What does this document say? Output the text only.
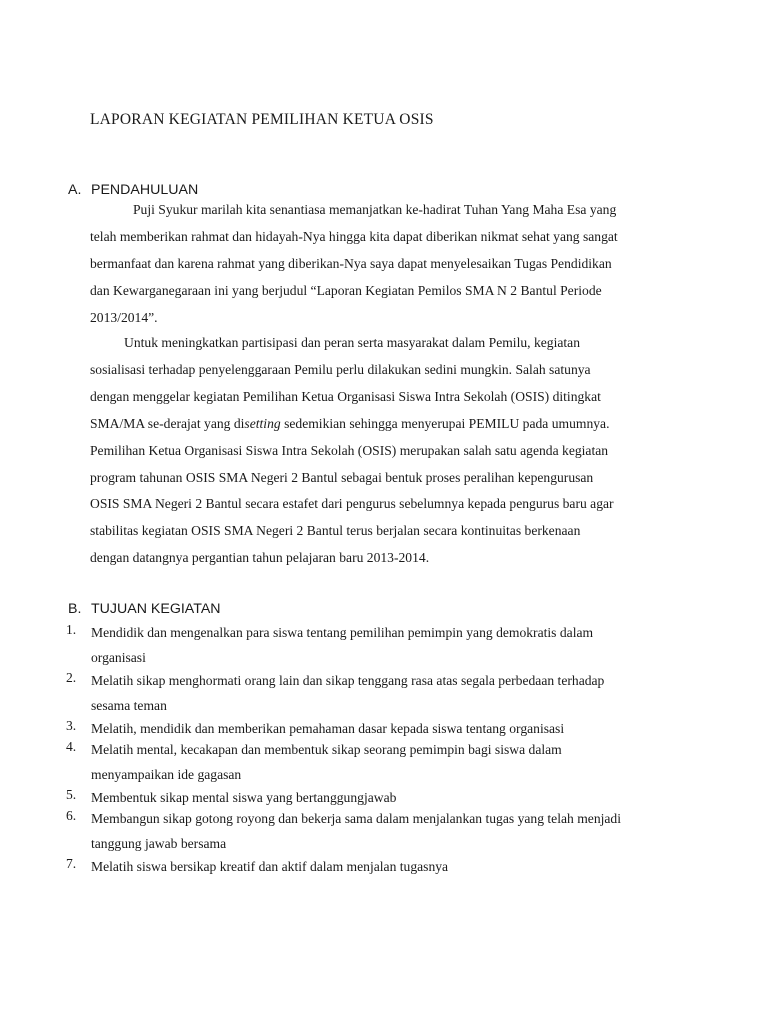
LAPORAN KEGIATAN PEMILIHAN KETUA OSIS
A. PENDAHULUAN
Puji Syukur marilah kita senantiasa memanjatkan ke-hadirat Tuhan Yang Maha Esa yang
telah memberikan rahmat dan hidayah-Nya hingga kita dapat diberikan nikmat sehat yang sangat
bermanfaat dan karena rahmat yang diberikan-Nya saya dapat menyelesaikan Tugas Pendidikan
dan Kewarganegaraan ini yang berjudul “Laporan Kegiatan Pemilos SMA N 2 Bantul Periode
2013/2014”.
Untuk meningkatkan partisipasi dan peran serta masyarakat dalam Pemilu, kegiatan
sosialisasi terhadap penyelenggaraan Pemilu perlu dilakukan sedini mungkin. Salah satunya
dengan menggelar kegiatan Pemilihan Ketua Organisasi Siswa Intra Sekolah (OSIS) ditingkat
SMA/MA se-derajat yang disetting sedemikian sehingga menyerupai PEMILU pada umumnya.
Pemilihan Ketua Organisasi Siswa Intra Sekolah (OSIS) merupakan salah satu agenda kegiatan
program tahunan OSIS SMA Negeri 2 Bantul sebagai bentuk proses peralihan kepengurusan
OSIS SMA Negeri 2 Bantul secara estafet dari pengurus sebelumnya kepada pengurus baru agar
stabilitas kegiatan OSIS SMA Negeri 2 Bantul terus berjalan secara kontinuitas berkenaan
dengan datangnya pergantian tahun pelajaran baru 2013-2014.
B. TUJUAN KEGIATAN
1. Mendidik dan mengenalkan para siswa tentang pemilihan pemimpin yang demokratis dalam
organisasi
2. Melatih sikap menghormati orang lain dan sikap tenggang rasa atas segala perbedaan terhadap
sesama teman
3. Melatih, mendidik dan memberikan pemahaman dasar kepada siswa tentang organisasi
4. Melatih mental, kecakapan dan membentuk sikap seorang pemimpin bagi siswa dalam
menyampaikan ide gagasan
5. Membentuk sikap mental siswa yang bertanggungjawab
6. Membangun sikap gotong royong dan bekerja sama dalam menjalankan tugas yang telah menjadi
tanggung jawab bersama
7. Melatih siswa bersikap kreatif dan aktif dalam menjalan tugasnya
